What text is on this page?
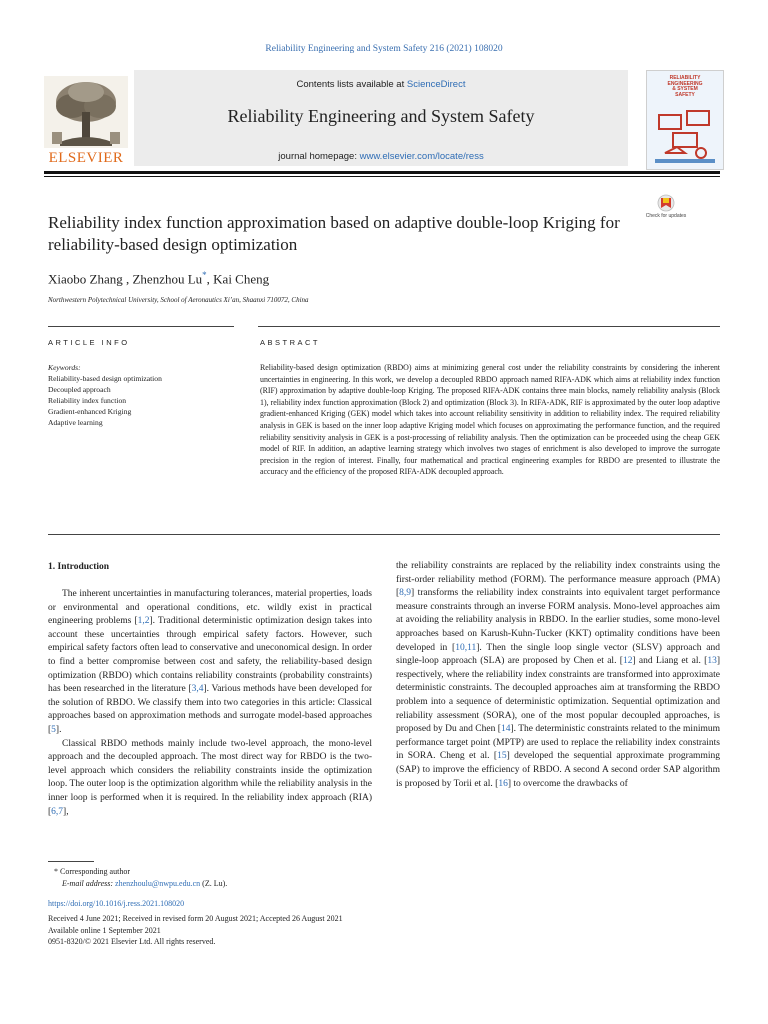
Reliability Engineering and System Safety 216 (2021) 108020
Contents lists available at ScienceDirect
Reliability Engineering and System Safety
journal homepage: www.elsevier.com/locate/ress
ELSEVIER
RELIABILITY
ENGINEERING
& SYSTEM
SAFETY
Reliability index function approximation based on adaptive double-loop Kriging for reliability-based design optimization
Check for updates
Xiaobo Zhang , Zhenzhou Lu*, Kai Cheng
Northwestern Polytechnical University, School of Aeronautics Xi’an, Shaanxi 710072, China
ARTICLE INFO	ABSTRACT
Keywords:
Reliability-based design optimization
Decoupled approach
Reliability index function
Gradient-enhanced Kriging
Adaptive learning
Reliability-based design optimization (RBDO) aims at minimizing general cost under the reliability constraints by considering the inherent uncertainties in engineering. In this work, we develop a decoupled RBDO approach named RIFA-ADK which aims at reliability index function (RIF) approximation by adaptive double-loop Kriging. The proposed RIFA-ADK contains three main blocks, namely reliability analysis (Block 1), reliability index function approximation (Block 2) and optimization (Block 3). In RIFA-ADK, RIF is approximated by the outer loop adaptive gradient-enhanced Kriging (GEK) model which takes into account reliability sensitivity in addition to reliability index. The required reliability analysis in GEK is based on the inner loop adaptive Kriging model which focuses on approximating the performance function, and the required reliability sensitivity analysis in GEK is a post-processing of reliability analysis. Then the optimization can be proceeded using the cheap GEK model of RIF. In addition, an adaptive learning strategy which involves two stages of enrichment is also developed to improve the surrogate precision in the region of interest. Finally, four mathematical and practical engineering examples for RBDO are presented to illustrate the accuracy and the efficiency of the proposed RIFA-ADK decoupled approach.
1. Introduction

The inherent uncertainties in manufacturing tolerances, material properties, loads or environmental and operational conditions, etc. wildly exist in practical engineering problems [1,2]. Traditional deterministic optimization design takes into account these uncertainties through empirical safety factors. However, such empirical safety factors often lead to conservative and uneconomical design. In order to find a better compromise between cost and safety, the reliability-based design optimization (RBDO) which contains reliability constraints (probability constraints) has been researched in the literature [3,4]. Various methods have been developed for the solution of RBDO. We classify them into two categories in this article: Classical approaches based on approximation methods and surrogate model-based approaches [5].

Classical RBDO methods mainly include two-level approach, the mono-level approach and the decoupled approach. The most direct way for RBDO is the two-level approach which considers the reliability constraints inside the optimization loop. The outer loop is the optimization algorithm while the reliability analysis in the inner loop is performed when it is required. In the reliability index approach (RIA) [6,7],

the reliability constraints are replaced by the reliability index constraints using the first-order reliability method (FORM). The performance measure approach (PMA) [8,9] transforms the reliability index constraints into equivalent target performance measure constraints through an inverse FORM analysis. Mono-level approaches aim at avoiding the reliability analysis in RBDO. In the earlier studies, some mono-level approaches based on Karush-Kuhn-Tucker (KKT) optimality conditions have been developed in [10,11]. Then the single loop single vector (SLSV) approach and single-loop approach (SLA) are proposed by Chen et al. [12] and Liang et al. [13] respectively, where the reliability index constraints are transformed into approximate deterministic constraints. The decoupled approaches aim at transforming the RBDO problem into a sequence of deterministic optimization. Sequential optimization and reliability assessment (SORA), one of the most popular decoupled approaches, is proposed by Du and Chen [14]. The deterministic constraints related to the minimum performance target point (MPTP) are used to replace the reliability index constraints in SORA. Cheng et al. [15] developed the sequential approximate programming (SAP) to improve the efficiency of RBDO. A second A second order SAP algorithm is proposed by Torii et al. [16] to overcome the drawbacks of

* Corresponding author
E-mail address: zhenzhoulu@nwpu.edu.cn (Z. Lu).
https://doi.org/10.1016/j.ress.2021.108020
Received 4 June 2021; Received in revised form 20 August 2021; Accepted 26 August 2021
Available online 1 September 2021
0951-8320/© 2021 Elsevier Ltd. All rights reserved.
